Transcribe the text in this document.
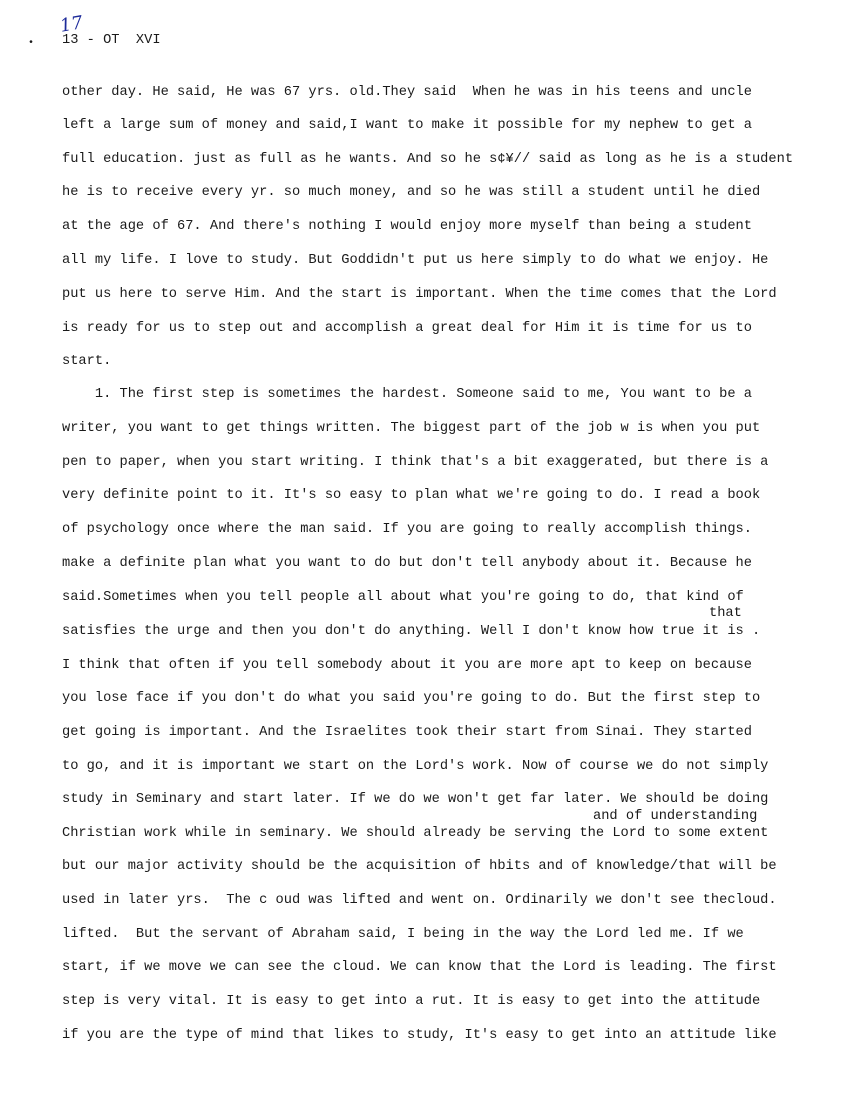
•
17
13 - OT  XVI
other day. He said, He was 67 yrs. old.They said  When he was in his teens and uncle
left a large sum of money and said,I want to make it possible for my nephew to get a
full education. just as full as he wants. And so he s¢¥// said as long as he is a student
he is to receive every yr. so much money, and so he was still a student until he died
at the age of 67. And there's nothing I would enjoy more myself than being a student
all my life. I love to study. But Goddidn't put us here simply to do what we enjoy. He
put us here to serve Him. And the start is important. When the time comes that the Lord
is ready for us to step out and accomplish a great deal for Him it is time for us to
start.
1. The first step is sometimes the hardest. Someone said to me, You want to be a
writer, you want to get things written. The biggest part of the job w is when you put
pen to paper, when you start writing. I think that's a bit exaggerated, but there is a
very definite point to it. It's so easy to plan what we're going to do. I read a book
of psychology once where the man said. If you are going to really accomplish things.
make a definite plan what you want to do but don't tell anybody about it. Because he
said.Sometimes when you tell people all about what you're going to do, that kind of
satisfies the urge and then you don't do anything. Well I don't know how true it is .
I think that often if you tell somebody about it you are more apt to keep on because
you lose face if you don't do what you said you're going to do. But the first step to
get going is important. And the Israelites took their start from Sinai. They started
to go, and it is important we start on the Lord's work. Now of course we do not simply
study in Seminary and start later. If we do we won't get far later. We should be doing
Christian work while in seminary. We should already be serving the Lord to some extent
but our major activity should be the acquisition of hbits and of knowledge/that will be
used in later yrs.  The c oud was lifted and went on. Ordinarily we don't see thecloud.
lifted.  But the servant of Abraham said, I being in the way the Lord led me. If we
start, if we move we can see the cloud. We can know that the Lord is leading. The first
step is very vital. It is easy to get into a rut. It is easy to get into the attitude
if you are the type of mind that likes to study, It's easy to get into an attitude like
that
and of understanding
